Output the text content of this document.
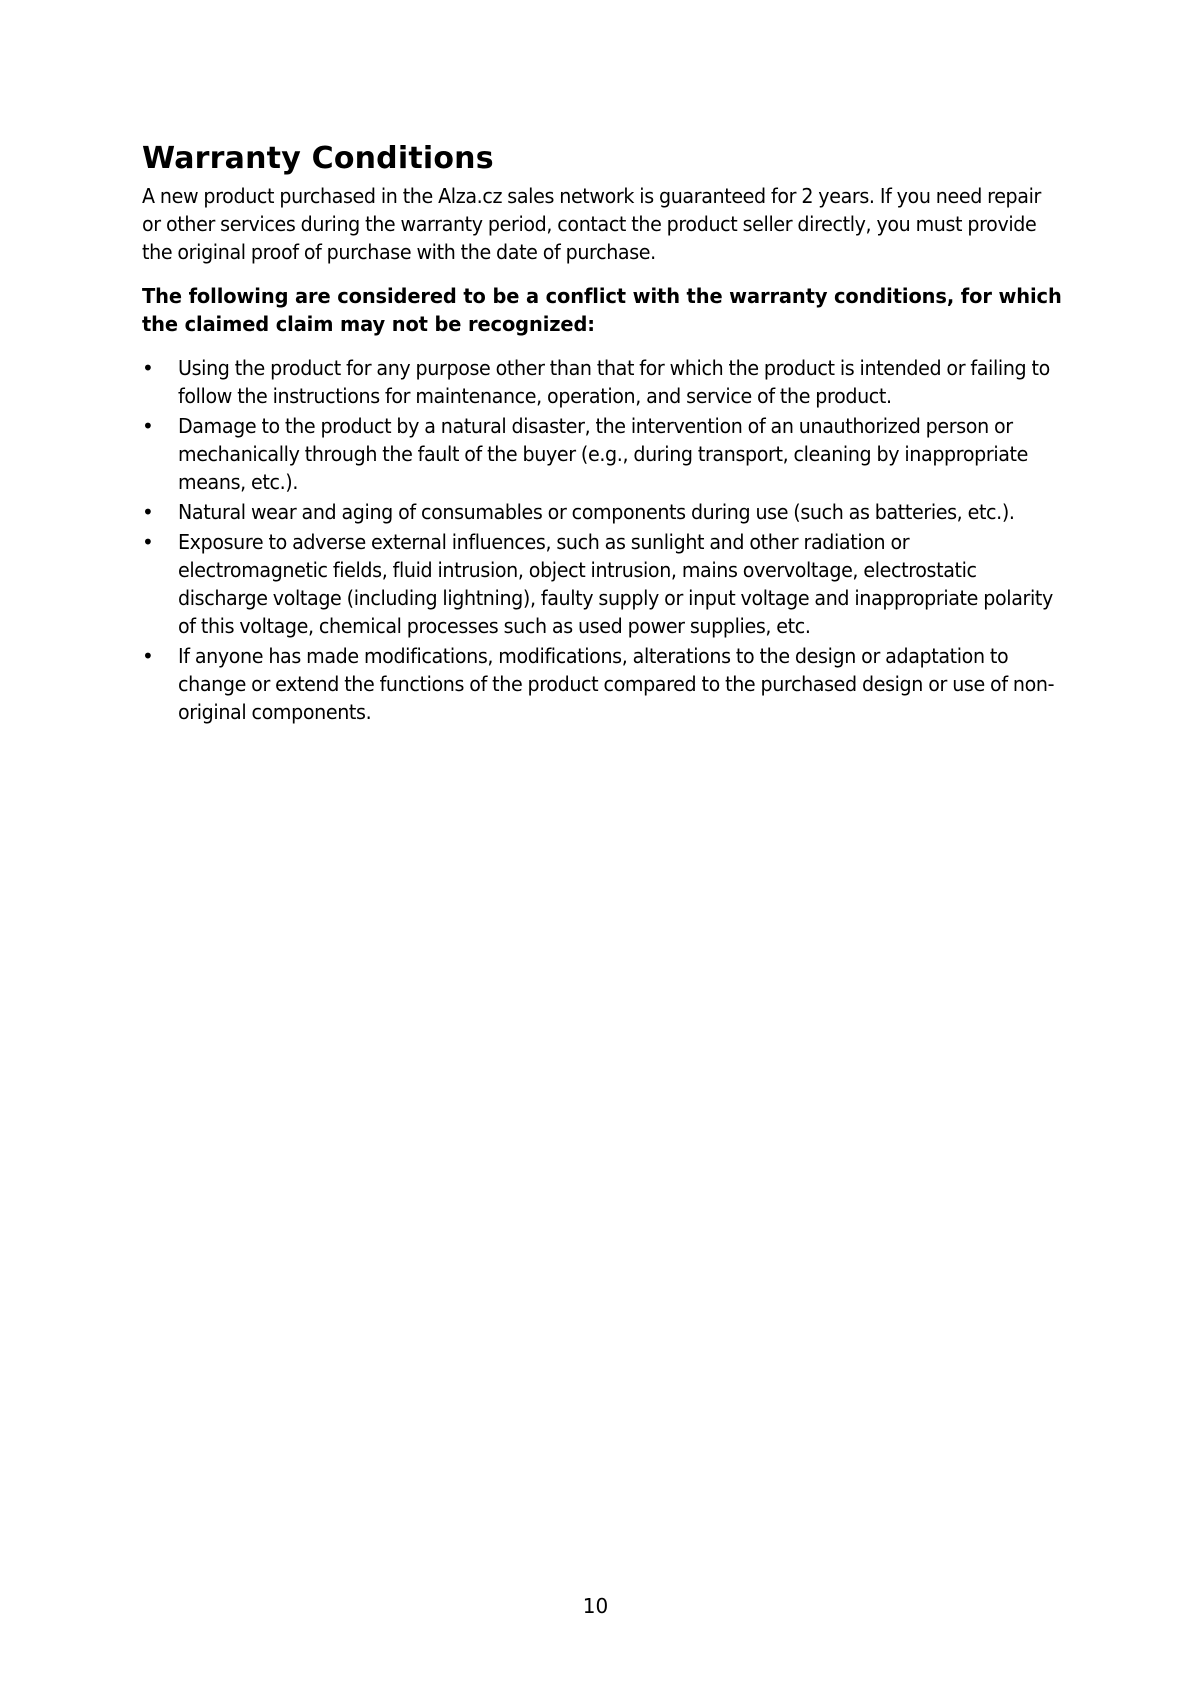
Warranty Conditions

A new product purchased in the Alza.cz sales network is guaranteed for 2 years. If you need repair or other services during the warranty period, contact the product seller directly, you must provide the original proof of purchase with the date of purchase.

The following are considered to be a conflict with the warranty conditions, for which the claimed claim may not be recognized:

• Using the product for any purpose other than that for which the product is intended or failing to follow the instructions for maintenance, operation, and service of the product.
• Damage to the product by a natural disaster, the intervention of an unauthorized person or mechanically through the fault of the buyer (e.g., during transport, cleaning by inappropriate means, etc.).
• Natural wear and aging of consumables or components during use (such as batteries, etc.).
• Exposure to adverse external influences, such as sunlight and other radiation or electromagnetic fields, fluid intrusion, object intrusion, mains overvoltage, electrostatic discharge voltage (including lightning), faulty supply or input voltage and inappropriate polarity of this voltage, chemical processes such as used power supplies, etc.
• If anyone has made modifications, modifications, alterations to the design or adaptation to change or extend the functions of the product compared to the purchased design or use of non-original components.
10
